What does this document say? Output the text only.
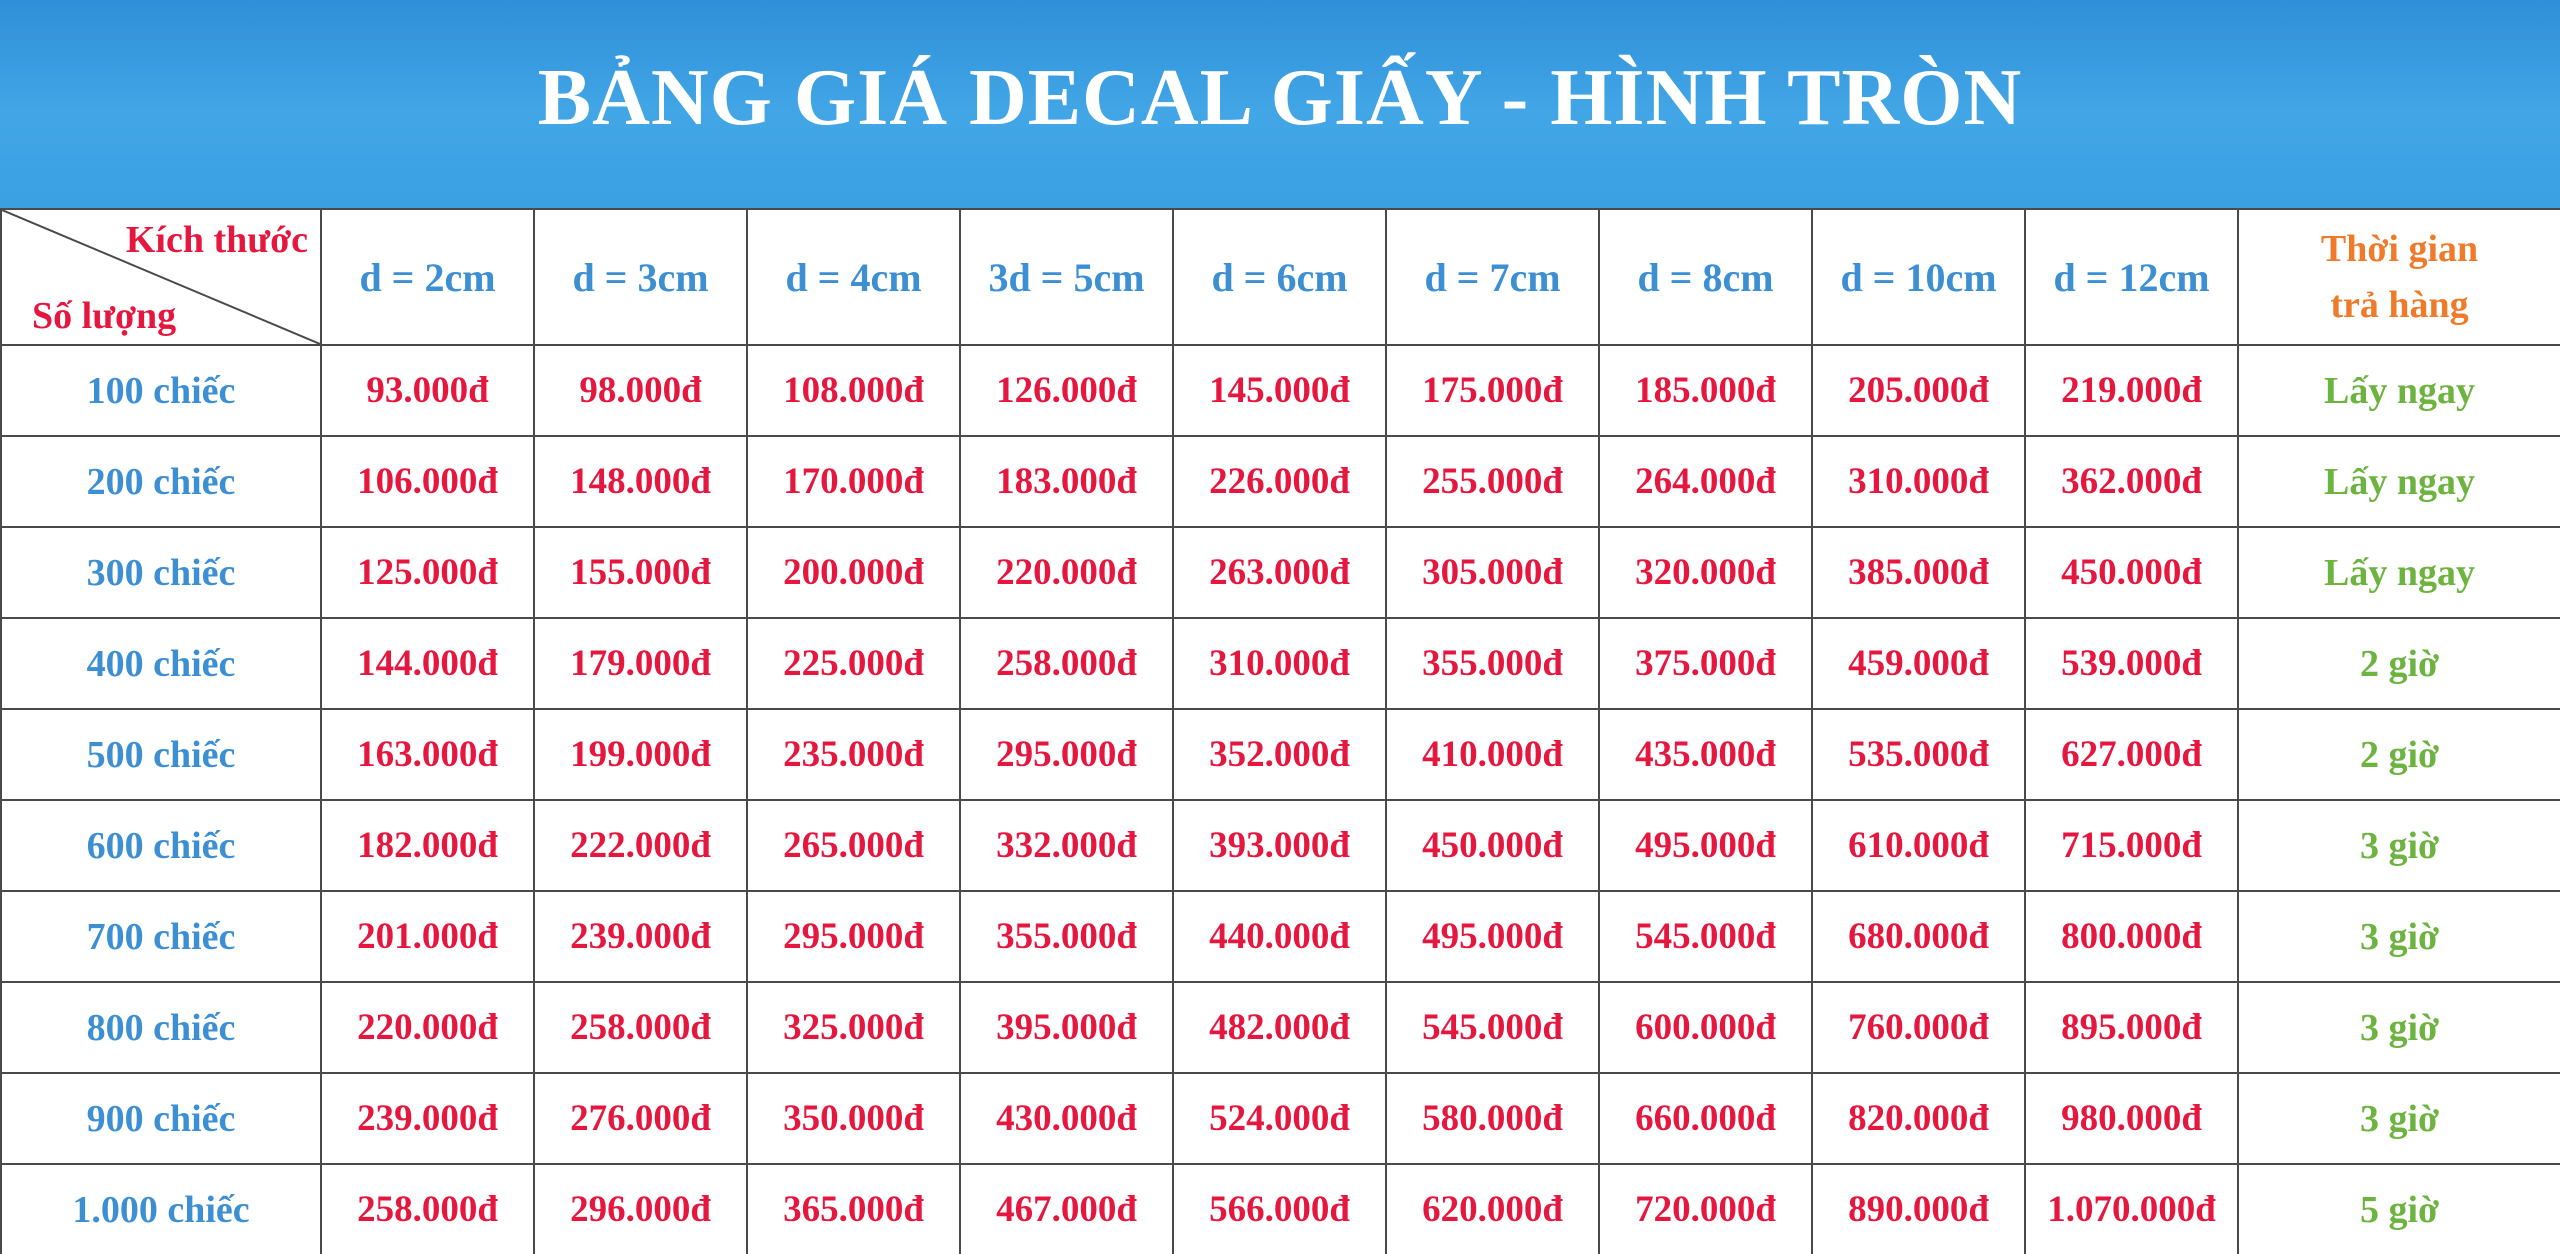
BẢNG GIÁ DECAL GIẤY - HÌNH TRÒN
Kích thước
Số lượng	d = 2cm	d = 3cm	d = 4cm	3d = 5cm	d = 6cm	d = 7cm	d = 8cm	d = 10cm	d = 12cm	Thời gian
trả hàng
100 chiếc	93.000đ	98.000đ	108.000đ	126.000đ	145.000đ	175.000đ	185.000đ	205.000đ	219.000đ	Lấy ngay
200 chiếc	106.000đ	148.000đ	170.000đ	183.000đ	226.000đ	255.000đ	264.000đ	310.000đ	362.000đ	Lấy ngay
300 chiếc	125.000đ	155.000đ	200.000đ	220.000đ	263.000đ	305.000đ	320.000đ	385.000đ	450.000đ	Lấy ngay
400 chiếc	144.000đ	179.000đ	225.000đ	258.000đ	310.000đ	355.000đ	375.000đ	459.000đ	539.000đ	2 giờ
500 chiếc	163.000đ	199.000đ	235.000đ	295.000đ	352.000đ	410.000đ	435.000đ	535.000đ	627.000đ	2 giờ
600 chiếc	182.000đ	222.000đ	265.000đ	332.000đ	393.000đ	450.000đ	495.000đ	610.000đ	715.000đ	3 giờ
700 chiếc	201.000đ	239.000đ	295.000đ	355.000đ	440.000đ	495.000đ	545.000đ	680.000đ	800.000đ	3 giờ
800 chiếc	220.000đ	258.000đ	325.000đ	395.000đ	482.000đ	545.000đ	600.000đ	760.000đ	895.000đ	3 giờ
900 chiếc	239.000đ	276.000đ	350.000đ	430.000đ	524.000đ	580.000đ	660.000đ	820.000đ	980.000đ	3 giờ
1.000 chiếc	258.000đ	296.000đ	365.000đ	467.000đ	566.000đ	620.000đ	720.000đ	890.000đ	1.070.000đ	5 giờ
